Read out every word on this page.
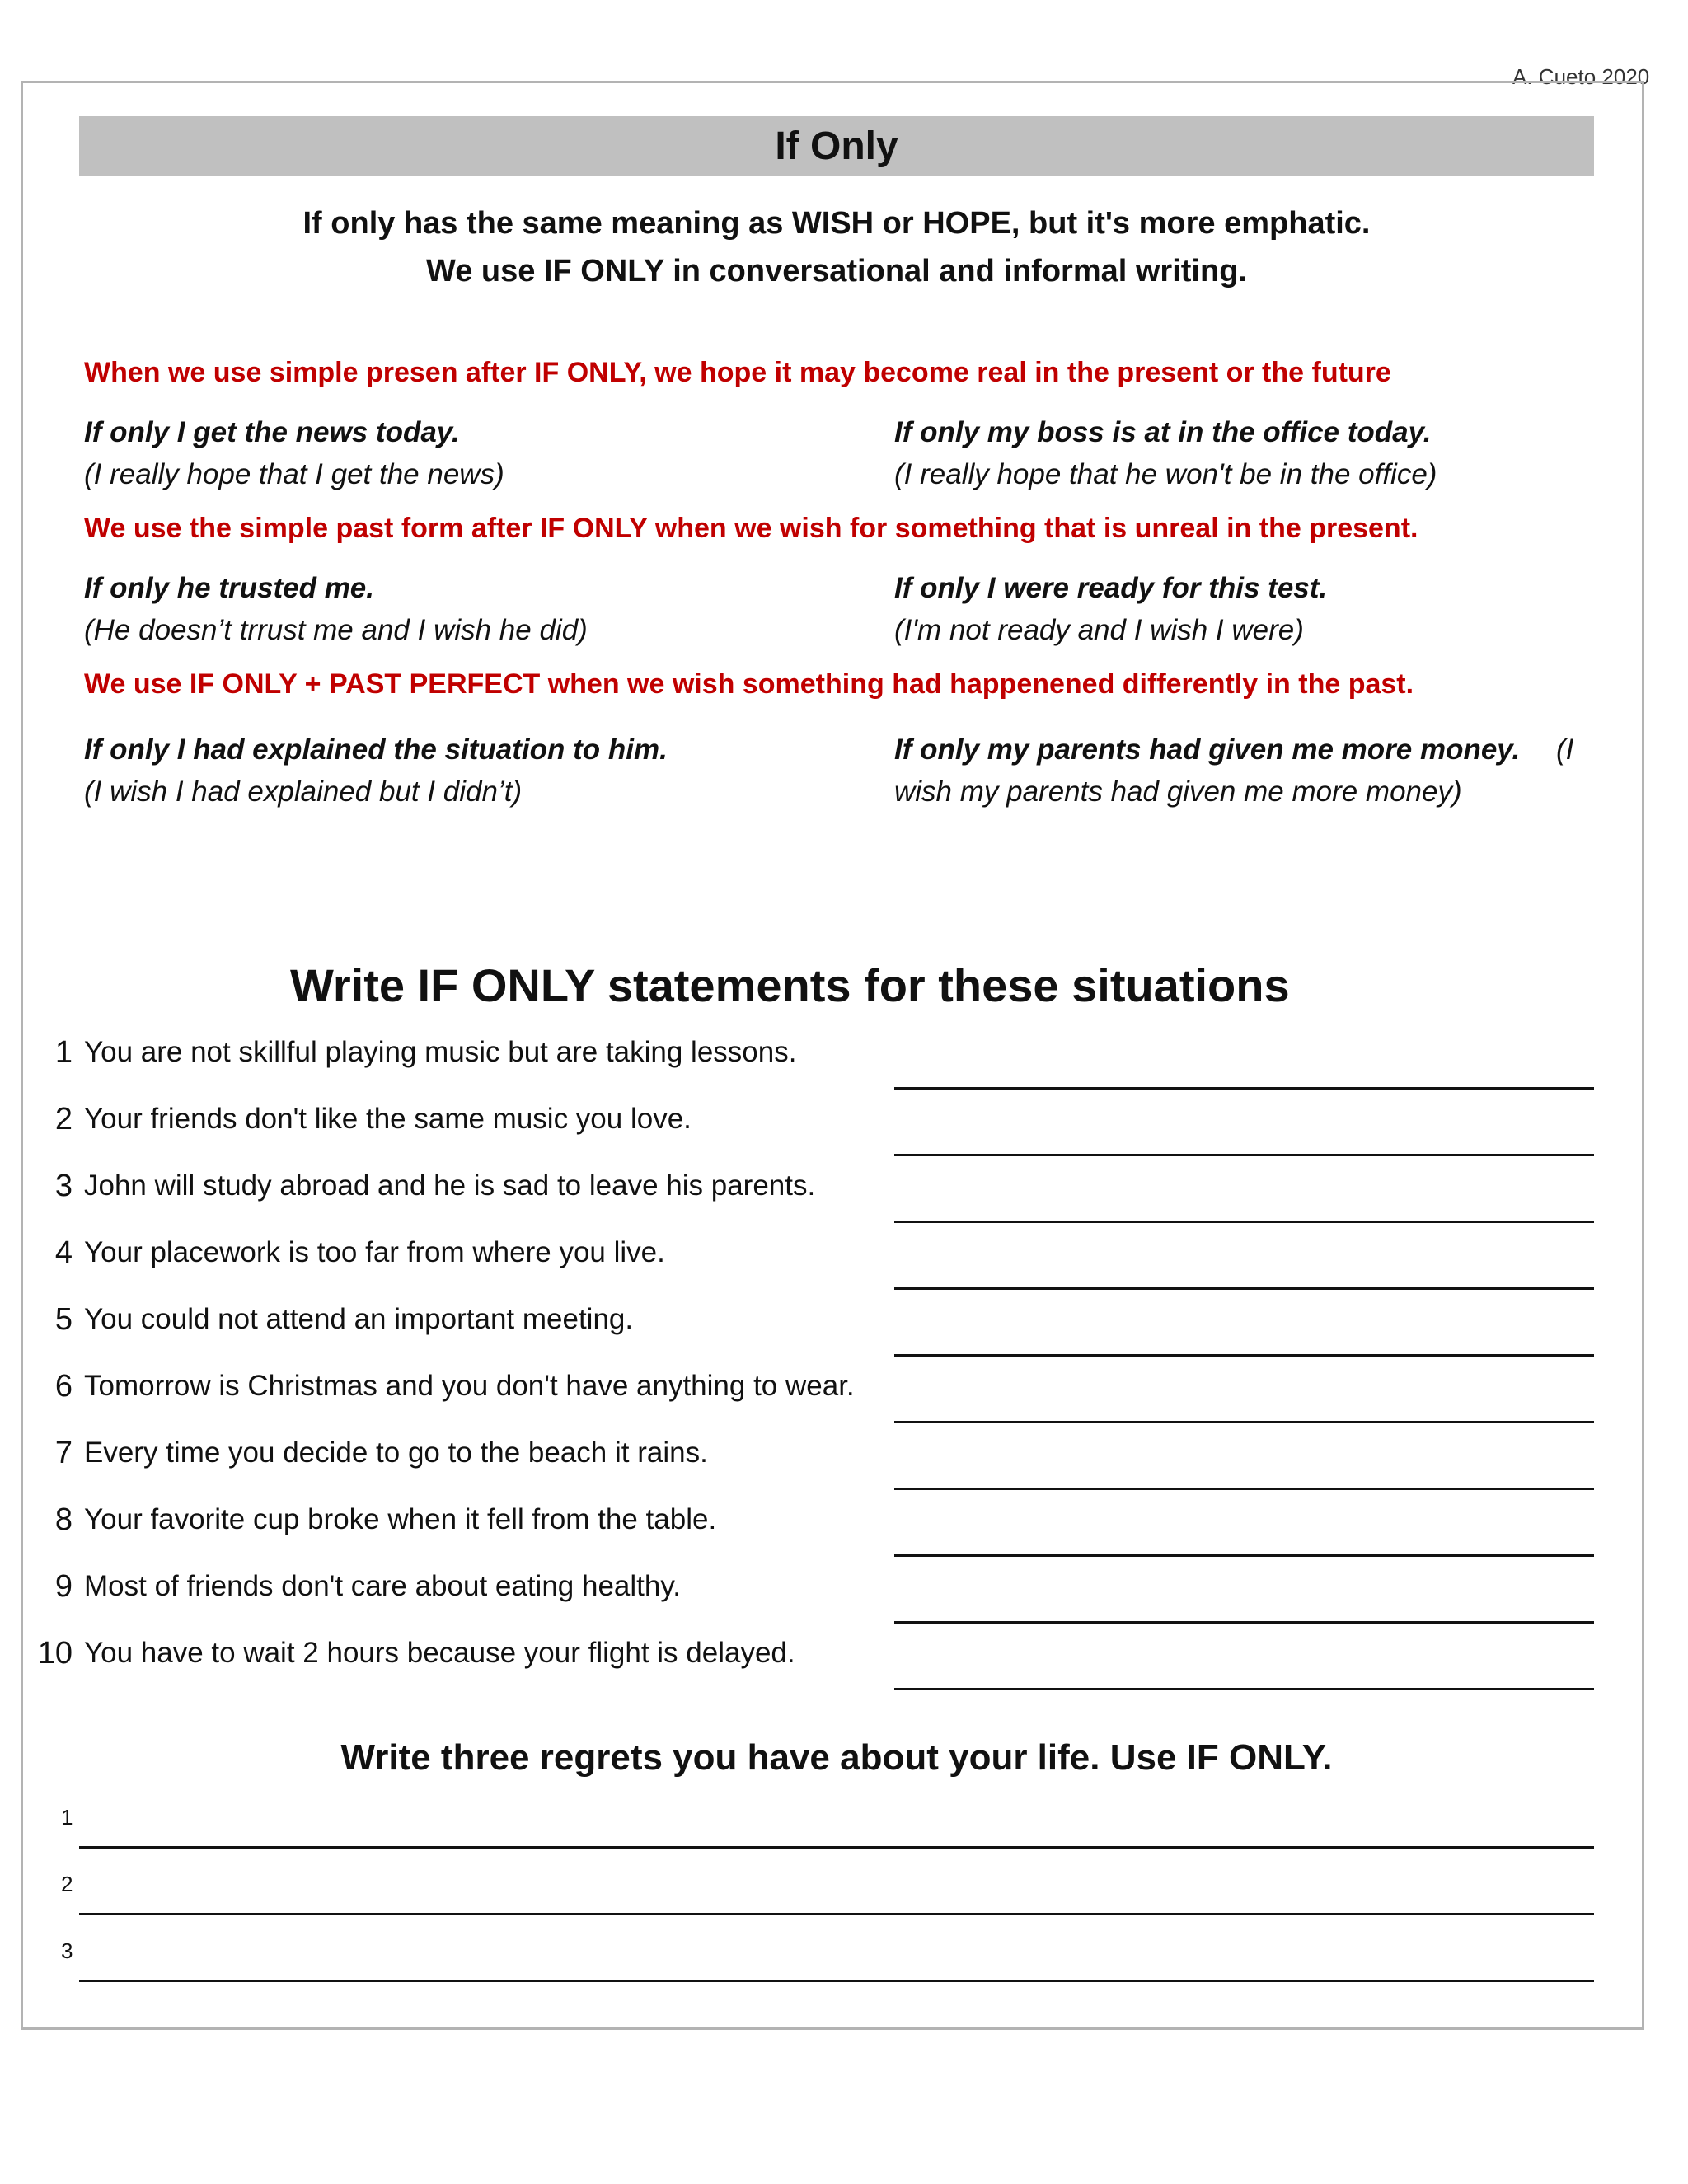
A. Cueto 2020
If Only
If only has the same meaning as WISH or HOPE, but it's more emphatic.
We use IF ONLY in conversational and informal writing.
When we use simple presen after IF ONLY, we hope it may become real in the present or the future
If only I get the news today.
(I really hope that I get the news)
If only my boss is at in the office today.
(I really hope that he won't be in the office)
We use the simple past form after IF ONLY when we wish for something that is unreal in the present.
If only he trusted me.
(He doesn’t trrust me and I wish he did)
If only I were ready for this test.
(I'm not ready and I wish I were)
We use IF ONLY + PAST PERFECT when we wish something had happenened differently in the past.
If only I had explained the situation to him.
(I wish I had explained but I didn’t)
If only my parents had given me more money.
wish my parents had given me more money)
(I
Write IF ONLY statements for these situations
1 You are not skillful playing music but are taking lessons.
2 Your friends don't like the same music you love.
3 John will study abroad and he is sad to leave his parents.
4 Your placework is too far from where you live.
5 You could not attend an important meeting.
6 Tomorrow is Christmas and you don't have anything to wear.
7 Every time you decide to go to the beach it rains.
8 Your favorite cup broke when it fell from the table.
9 Most of friends don't care about eating healthy.
10 You have to wait 2 hours because your flight is delayed.
Write three regrets you have about your life. Use IF ONLY.
1
2
3
